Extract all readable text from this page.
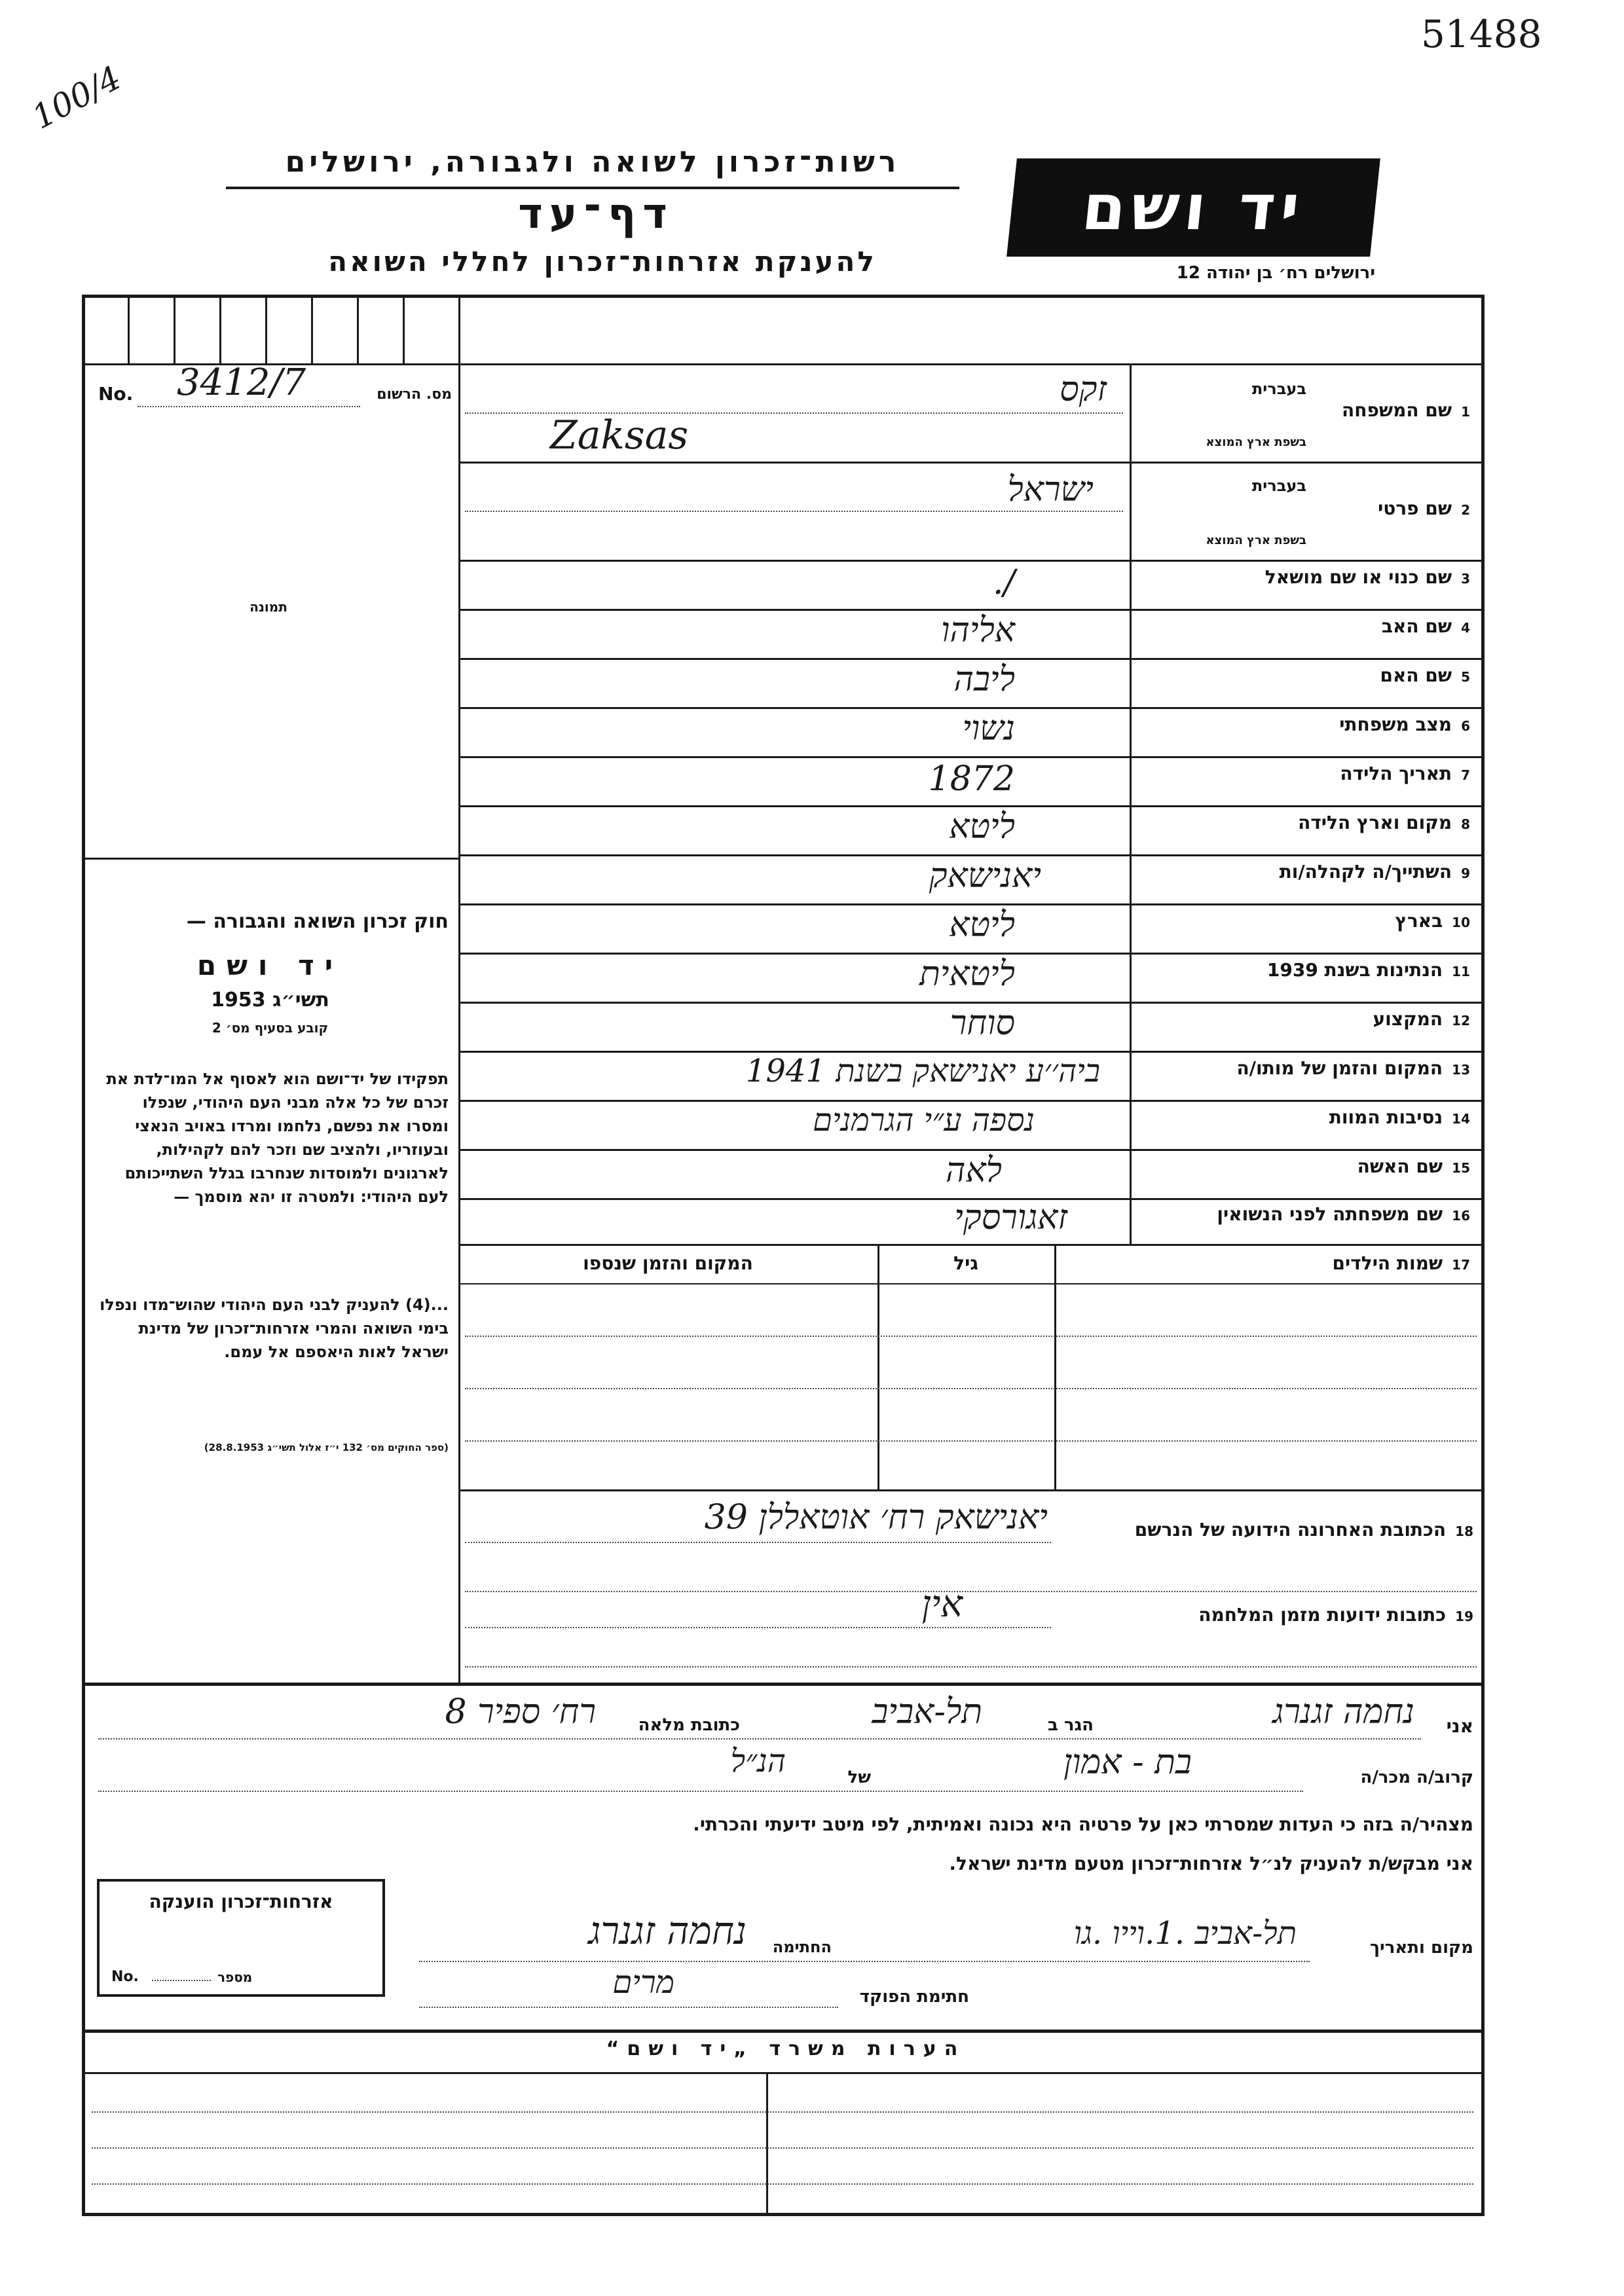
51488
100/4
רשות־זכרון לשואה ולגבורה, ירושלים
דף־עד
להענקת אזרחות־זכרון לחללי השואה
יד ושם
ירושלים רח׳ בן יהודה 12
No. 3412/7	מס. הרשום
תמונה
חוק זכרון השואה והגבורה —
יד ושם
תשי״ג 1953
קובע בסעיף מס׳ 2
תפקידו של יד־ושם הוא לאסוף אל המו־לדת את זכרם של כל אלה מבני העם היהודי, שנפלו ומסרו את נפשם, נלחמו ומרדו באויב הנאצי ובעוזריו, ולהציב שם וזכר להם לקהילות, לארגונים ולמוסדות שנחרבו בגלל השתייכותם לעם היהודי: ולמטרה זו יהא מוסמך —
...(4) להעניק לבני העם היהודי שהוש־מדו ונפלו בימי השואה והמרי אזרחות־זכרון של מדינת ישראל לאות היאספם אל עמם.
(ספר החוקים מס׳ 132 י״ז אלול תשי״ג 28.8.1953)
1שם המשפחה
בעברית
בשפת ארץ המוצא
זקס
Zaksas
2שם פרטי
בעברית
בשפת ארץ המוצא
ישראל
3שם כנוי או שם מושאל
/.
4שם האב
אליהו
5שם האם
ליבה
6מצב משפחתי
נשוי
7תאריך הלידה
1872
8מקום וארץ הלידה
ליטא
9השתייך/ה לקהלה/ות
יאנישאק
10בארץ
ליטא
11הנתינות בשנת 1939
ליטאית
12המקצוע
סוחר
13המקום והזמן של מותו/ה
ביה׳׳ע יאנישאק בשנת 1941
14נסיבות המוות
נספה ע״י הגרמנים
15שם האשה
לאה
16שם משפחתה לפני הנשואין
זאגורסקי
17שמות הילדים
גיל
המקום והזמן שנספו
18הכתובת האחרונה הידועה של הנרשם
יאנישאק רח׳ אוטאללן 39
19כתובות ידועות מזמן המלחמה
אין
אני
נחמה זגנרג
הגר ב
תל-אביב
כתובת מלאה
רח׳ ספיר 8
קרוב/ה מכר/ה
בת - אמון
של
הנ״ל
מצהיר/ה בזה כי העדות שמסרתי כאן על פרטיה היא נכונה ואמיתית, לפי מיטב ידיעתי והכרתי.
אני מבקש/ת להעניק לנ״ל אזרחות־זכרון מטעם מדינת ישראל.
אזרחות־זכרון הוענקה
No.	מספר
מקום ותאריך
תל-אביב .1.וייו .גו
החתימה
נחמה זגנרג
חתימת הפוקד
מרים
הערות משרד „יד ושם“
